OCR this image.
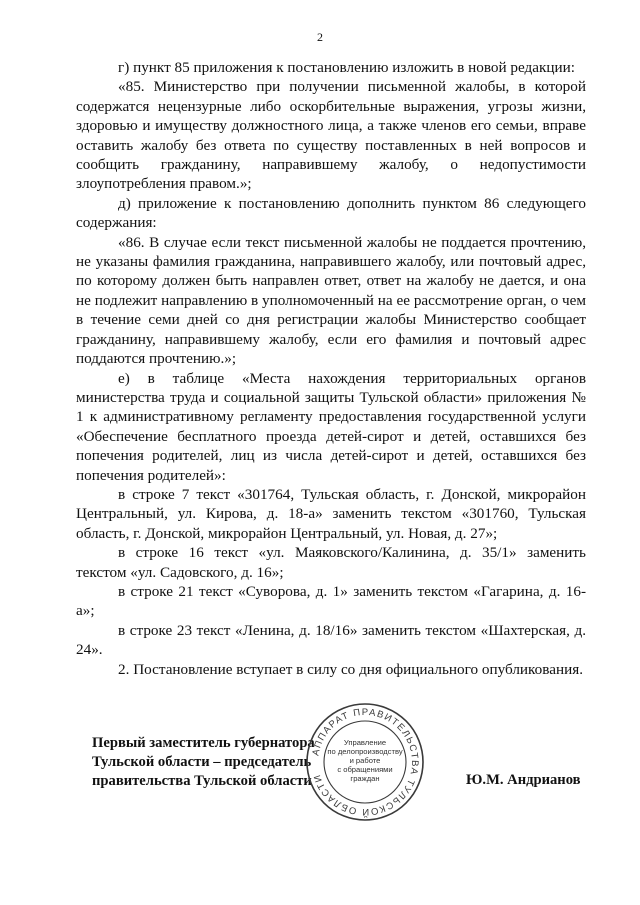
2

г) пункт 85 приложения к постановлению изложить в новой редакции:

«85. Министерство при получении письменной жалобы, в которой содержатся нецензурные либо оскорбительные выражения, угрозы жизни, здоровью и имуществу должностного лица, а также членов его семьи, вправе оставить жалобу без ответа по существу поставленных в ней вопросов и сообщить гражданину, направившему жалобу, о недопустимости злоупотребления правом.»;

д) приложение к постановлению дополнить пунктом 86 следующего содержания:

«86. В случае если текст письменной жалобы не поддается прочтению, не указаны фамилия гражданина, направившего жалобу, или почтовый адрес, по которому должен быть направлен ответ, ответ на жалобу не дается, и она не подлежит направлению в уполномоченный на ее рассмотрение орган, о чем в течение семи дней со дня регистрации жалобы Министерство сообщает гражданину, направившему жалобу, если его фамилия и почтовый адрес поддаются прочтению.»;

е) в таблице «Места нахождения территориальных органов министерства труда и социальной защиты Тульской области» приложения № 1 к административному регламенту предоставления государственной услуги «Обеспечение бесплатного проезда детей-сирот и детей, оставшихся без попечения родителей, лиц из числа детей-сирот и детей, оставшихся без попечения родителей»:

в строке 7 текст «301764, Тульская область, г. Донской, микрорайон Центральный, ул. Кирова, д. 18-а» заменить текстом «301760, Тульская область, г. Донской, микрорайон Центральный, ул. Новая, д. 27»;

в строке 16 текст «ул. Маяковского/Калинина, д. 35/1» заменить текстом «ул. Садовского, д. 16»;

в строке 21 текст «Суворова, д. 1» заменить текстом «Гагарина, д. 16-а»;

в строке 23 текст «Ленина, д. 18/16» заменить текстом «Шахтерская, д. 24».

2. Постановление вступает в силу со дня официального опубликования.

Первый заместитель губернатора
Тульской области – председатель
правительства Тульской области	Ю.М. Андрианов
АППАРАТ ПРАВИТЕЛЬСТВА ТУЛЬСКОЙ ОБЛАСТИ
Управление
по делопроизводству
и работе
с обращениями
граждан
